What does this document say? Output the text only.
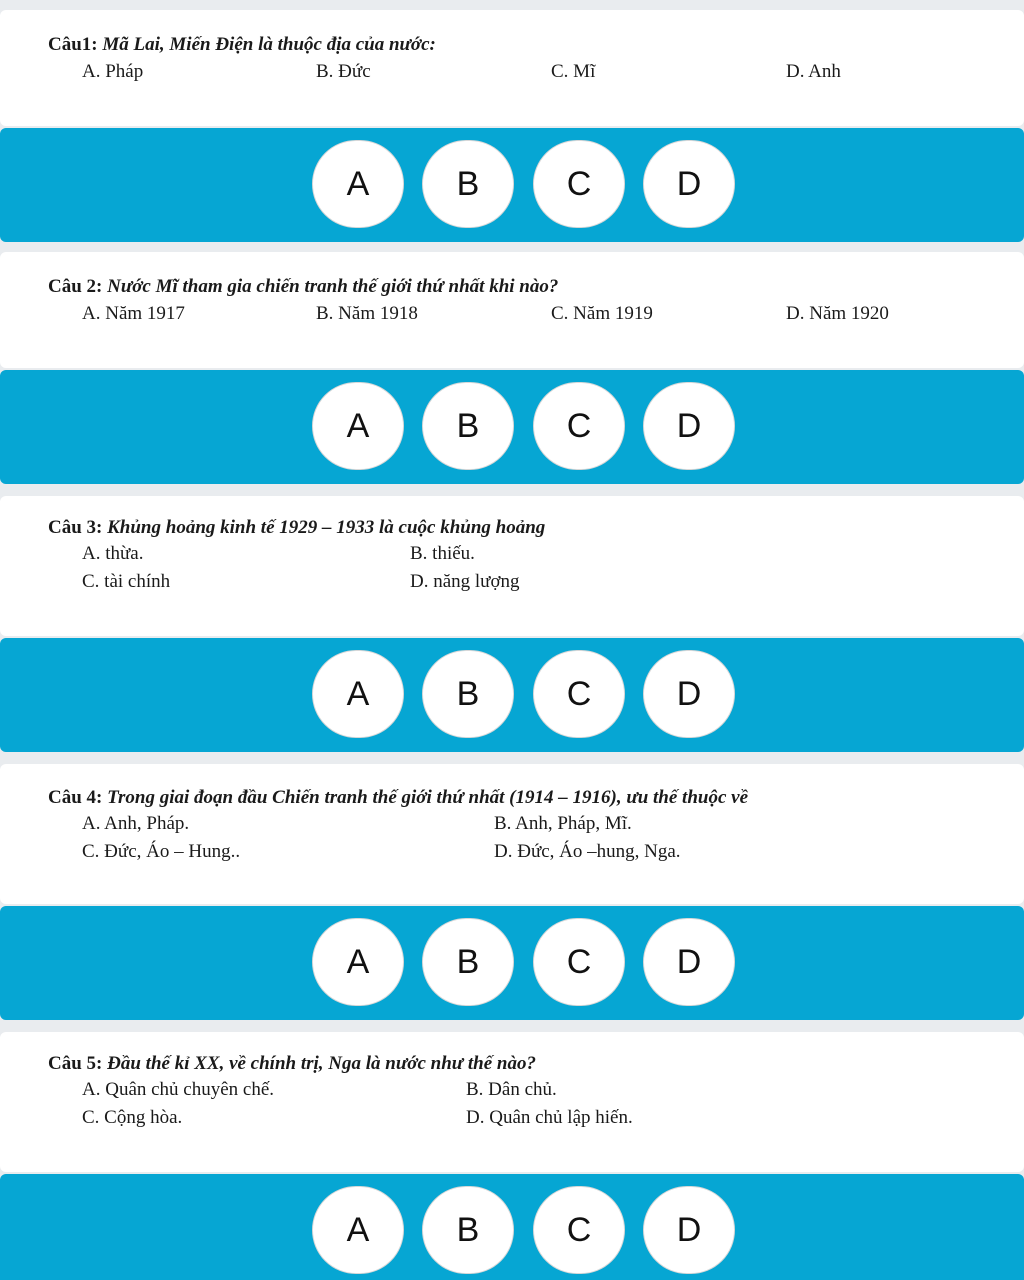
Câu1: Mã Lai, Miến Điện là thuộc địa của nước:
A. Pháp	B. Đức	C. Mĩ	D. Anh
A	B	C	D
Câu 2: Nước Mĩ tham gia chiến tranh thế giới thứ nhất khi nào?
A. Năm 1917	B. Năm 1918	C. Năm 1919	D. Năm 1920
A	B	C	D
Câu 3: Khủng hoảng kinh tế 1929 – 1933 là cuộc khủng hoảng
A. thừa.	B. thiếu.
C. tài chính	D. năng lượng
A	B	C	D
Câu 4: Trong giai đoạn đầu Chiến tranh thế giới thứ nhất (1914 – 1916), ưu thế thuộc về
A. Anh, Pháp.	B. Anh, Pháp, Mĩ.
C. Đức, Áo – Hung..	D. Đức, Áo –hung, Nga.
A	B	C	D
Câu 5: Đầu thế kỉ XX, về chính trị, Nga là nước như thế nào?
A. Quân chủ chuyên chế.	B. Dân chủ.
C. Cộng hòa.	D. Quân chủ lập hiến.
A	B	C	D
